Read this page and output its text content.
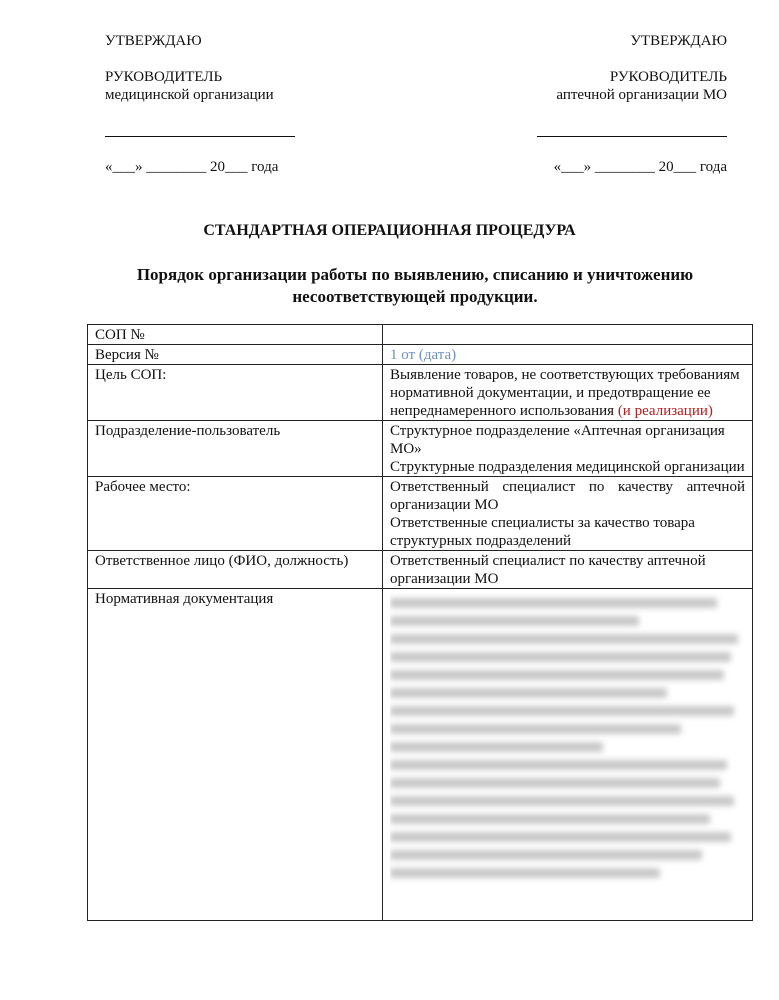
УТВЕРЖДАЮ
РУКОВОДИТЕЛЬ
медицинской организации
«___» ________ 20___ года
УТВЕРЖДАЮ
РУКОВОДИТЕЛЬ
аптечной организации МО
«___» ________ 20___ года
СТАНДАРТНАЯ ОПЕРАЦИОННАЯ ПРОЦЕДУРА
Порядок организации работы по выявлению, списанию и уничтожению несоответствующей продукции.
СОП №	
Версия №	1 от (дата)
Цель СОП:	Выявление товаров, не соответствующих требованиям нормативной документации, и предотвращение ее непреднамеренного использования (и реализации)
Подразделение-пользователь	Структурное подразделение «Аптечная организация МО»
Структурные подразделения медицинской организации

Рабочее место:	Ответственный специалист по качеству аптечной организации МО
Ответственные специалисты за качество товара структурных подразделений

Ответственное лицо (ФИО, должность)	Ответственный специалист по качеству аптечной организации МО
Нормативная документация	
